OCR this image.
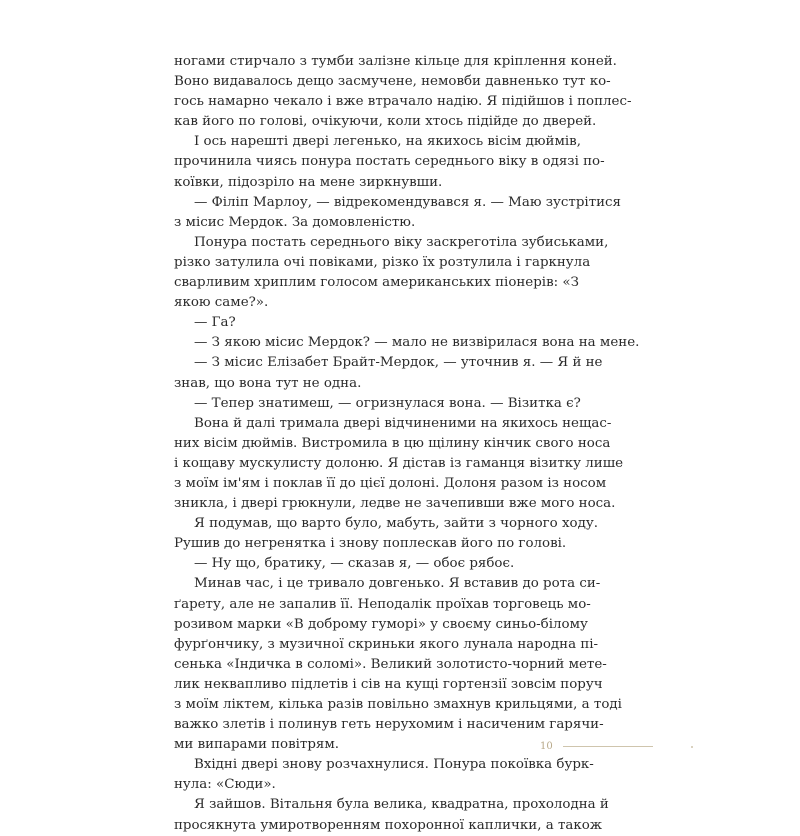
ногами стирчало з тумби залізне кільце для кріплення коней.
Воно видавалось дещо засмучене, немовби давненько тут ко-
гось намарно чекало і вже втрачало надію. Я підійшов і поплес-
кав його по голові, очікуючи, коли хтось підійде до дверей.
І ось нарешті двері легенько, на якихось вісім дюймів,
прочинила чиясь понура постать середнього віку в одязі по-
коївки, підозріло на мене зиркнувши.
— Філіп Марлоу, — відрекомендувався я. — Маю зустрітися
з місис Мердок. За домовленістю.
Понура постать середнього віку заскреготіла зубиськами,
різко затулила очі повіками, різко їх розтулила і гаркнула
сварливим хриплим голосом американських піонерів: «З
якою саме?».
— Га?
— З якою місис Мердок? — мало не визвірилася вона на мене.
— З місис Елізабет Брайт-Мердок, — уточнив я. — Я й не
знав, що вона тут не одна.
— Тепер знатимеш, — огризнулася вона. — Візитка є?
Вона й далі тримала двері відчиненими на якихось нещас-
них вісім дюймів. Вистромила в цю щілину кінчик свого носа
і кощаву мускулисту долоню. Я дістав із гаманця візитку лише
з моїм ім'ям і поклав її до цієї долоні. Долоня разом із носом
зникла, і двері грюкнули, ледве не зачепивши вже мого носа.
Я подумав, що варто було, мабуть, зайти з чорного ходу.
Рушив до негренятка і знову поплескав його по голові.
— Ну що, братику, — сказав я, — обоє рябоє.
Минав час, і це тривало довгенько. Я вставив до рота си-
ґарету, але не запалив її. Неподалік проїхав торговець мо-
розивом марки «В доброму гуморі» у своєму синьо-білому
фурґончику, з музичної скриньки якого лунала народна пі-
сенька «Індичка в соломі». Великий золотисто-чорний мете-
лик неквапливо підлетів і сів на кущі гортензії зовсім поруч
з моїм ліктем, кілька разів повільно змахнув крильцями, а тоді
важко злетів і полинув геть нерухомим і насиченим гарячи-
ми випарами повітрям.
Вхідні двері знову розчахнулися. Понура покоївка бурк-
нула: «Сюди».
Я зайшов. Вітальня була велика, квадратна, прохолодна й
просякнута умиротворенням похоронної каплички, а також
10
